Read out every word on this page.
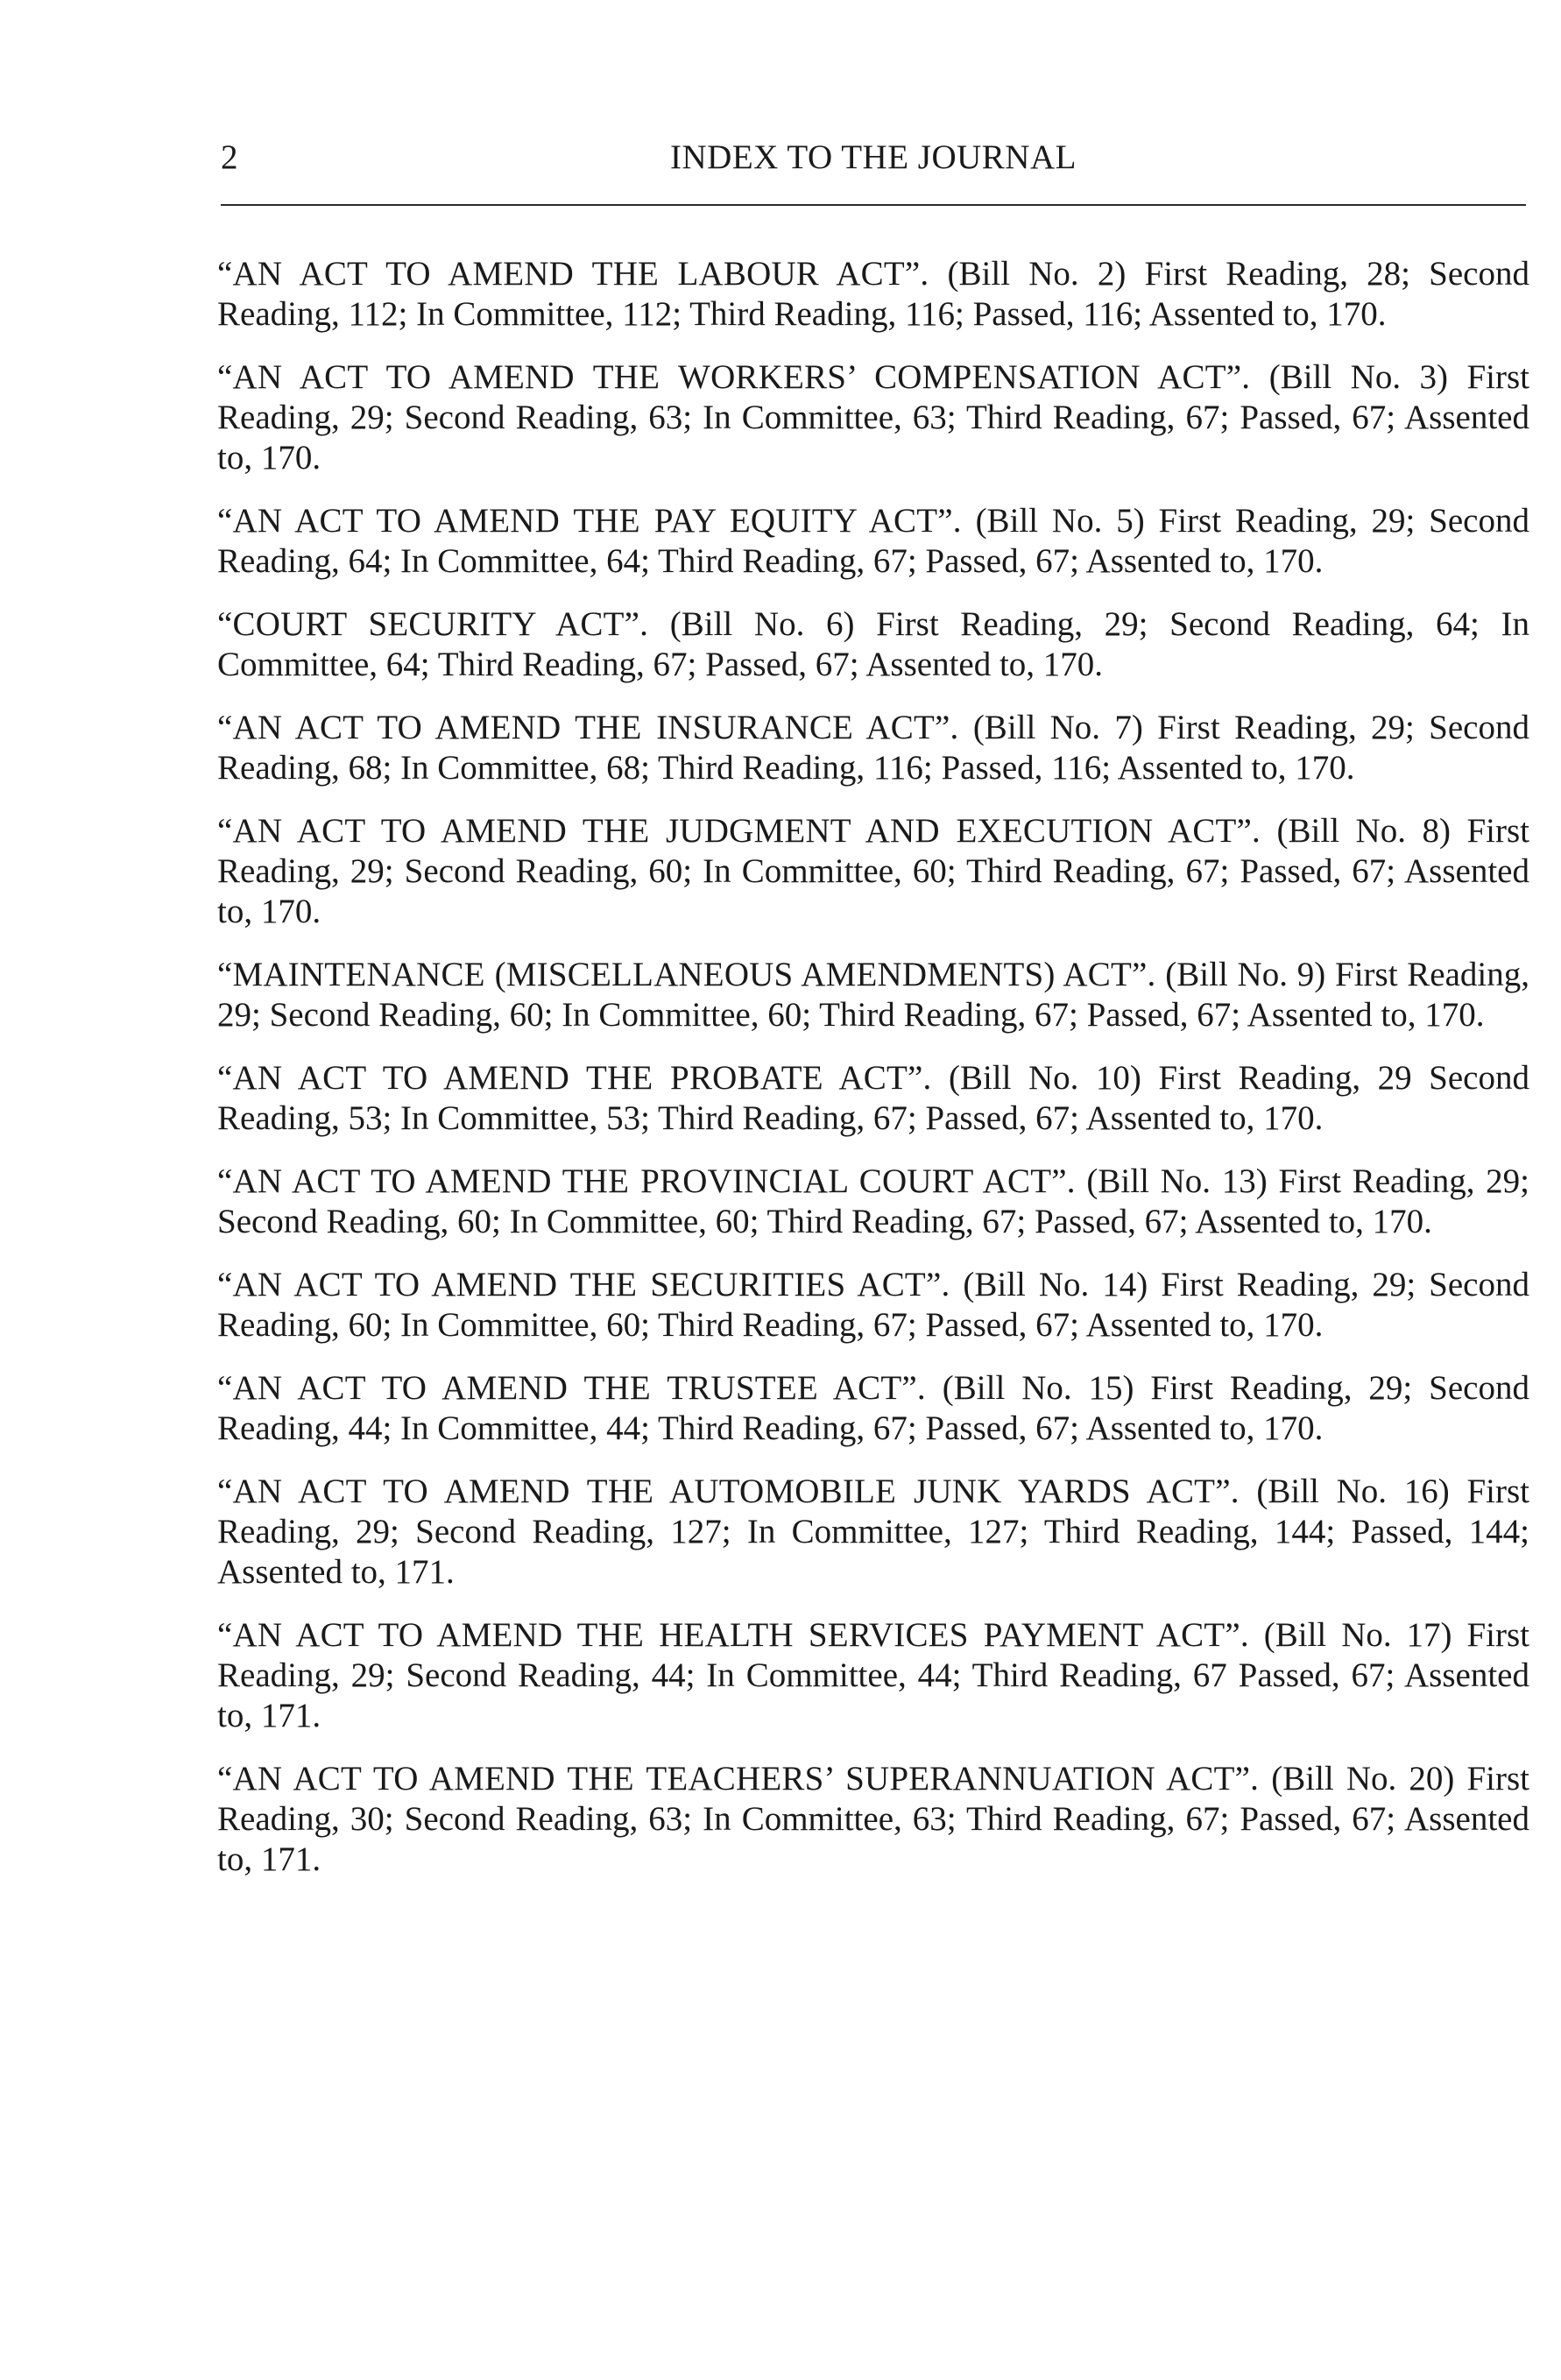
2	INDEX TO THE JOURNAL

“AN ACT TO AMEND THE LABOUR ACT”. (Bill No. 2) First Reading, 28; Second Reading, 112; In Committee, 112; Third Reading, 116; Passed, 116; Assented to, 170.

“AN ACT TO AMEND THE WORKERS’ COMPENSATION ACT”. (Bill No. 3) First Reading, 29; Second Reading, 63; In Committee, 63; Third Reading, 67; Passed, 67; Assented to, 170.

“AN ACT TO AMEND THE PAY EQUITY ACT”. (Bill No. 5) First Reading, 29; Second Reading, 64; In Committee, 64; Third Reading, 67; Passed, 67; Assented to, 170.

“COURT SECURITY ACT”. (Bill No. 6) First Reading, 29; Second Reading, 64; In Committee, 64; Third Reading, 67; Passed, 67; Assented to, 170.

“AN ACT TO AMEND THE INSURANCE ACT”. (Bill No. 7) First Reading, 29; Second Reading, 68; In Committee, 68; Third Reading, 116; Passed, 116; Assented to, 170.

“AN ACT TO AMEND THE JUDGMENT AND EXECUTION ACT”. (Bill No. 8) First Reading, 29; Second Reading, 60; In Committee, 60; Third Reading, 67; Passed, 67; Assented to, 170.

“MAINTENANCE (MISCELLANEOUS AMENDMENTS) ACT”. (Bill No. 9) First Reading, 29; Second Reading, 60; In Committee, 60; Third Reading, 67; Passed, 67; Assented to, 170.

“AN ACT TO AMEND THE PROBATE ACT”. (Bill No. 10) First Reading, 29 Second Reading, 53; In Committee, 53; Third Reading, 67; Passed, 67; Assented to, 170.

“AN ACT TO AMEND THE PROVINCIAL COURT ACT”. (Bill No. 13) First Reading, 29; Second Reading, 60; In Committee, 60; Third Reading, 67; Passed, 67; Assented to, 170.

“AN ACT TO AMEND THE SECURITIES ACT”. (Bill No. 14) First Reading, 29; Second Reading, 60; In Committee, 60; Third Reading, 67; Passed, 67; Assented to, 170.

“AN ACT TO AMEND THE TRUSTEE ACT”. (Bill No. 15) First Reading, 29; Second Reading, 44; In Committee, 44; Third Reading, 67; Passed, 67; Assented to, 170.

“AN ACT TO AMEND THE AUTOMOBILE JUNK YARDS ACT”. (Bill No. 16) First Reading, 29; Second Reading, 127; In Committee, 127; Third Reading, 144; Passed, 144; Assented to, 171.

“AN ACT TO AMEND THE HEALTH SERVICES PAYMENT ACT”. (Bill No. 17) First Reading, 29; Second Reading, 44; In Committee, 44; Third Reading, 67 Passed, 67; Assented to, 171.

“AN ACT TO AMEND THE TEACHERS’ SUPERANNUATION ACT”. (Bill No. 20) First Reading, 30; Second Reading, 63; In Committee, 63; Third Reading, 67; Passed, 67; Assented to, 171.
